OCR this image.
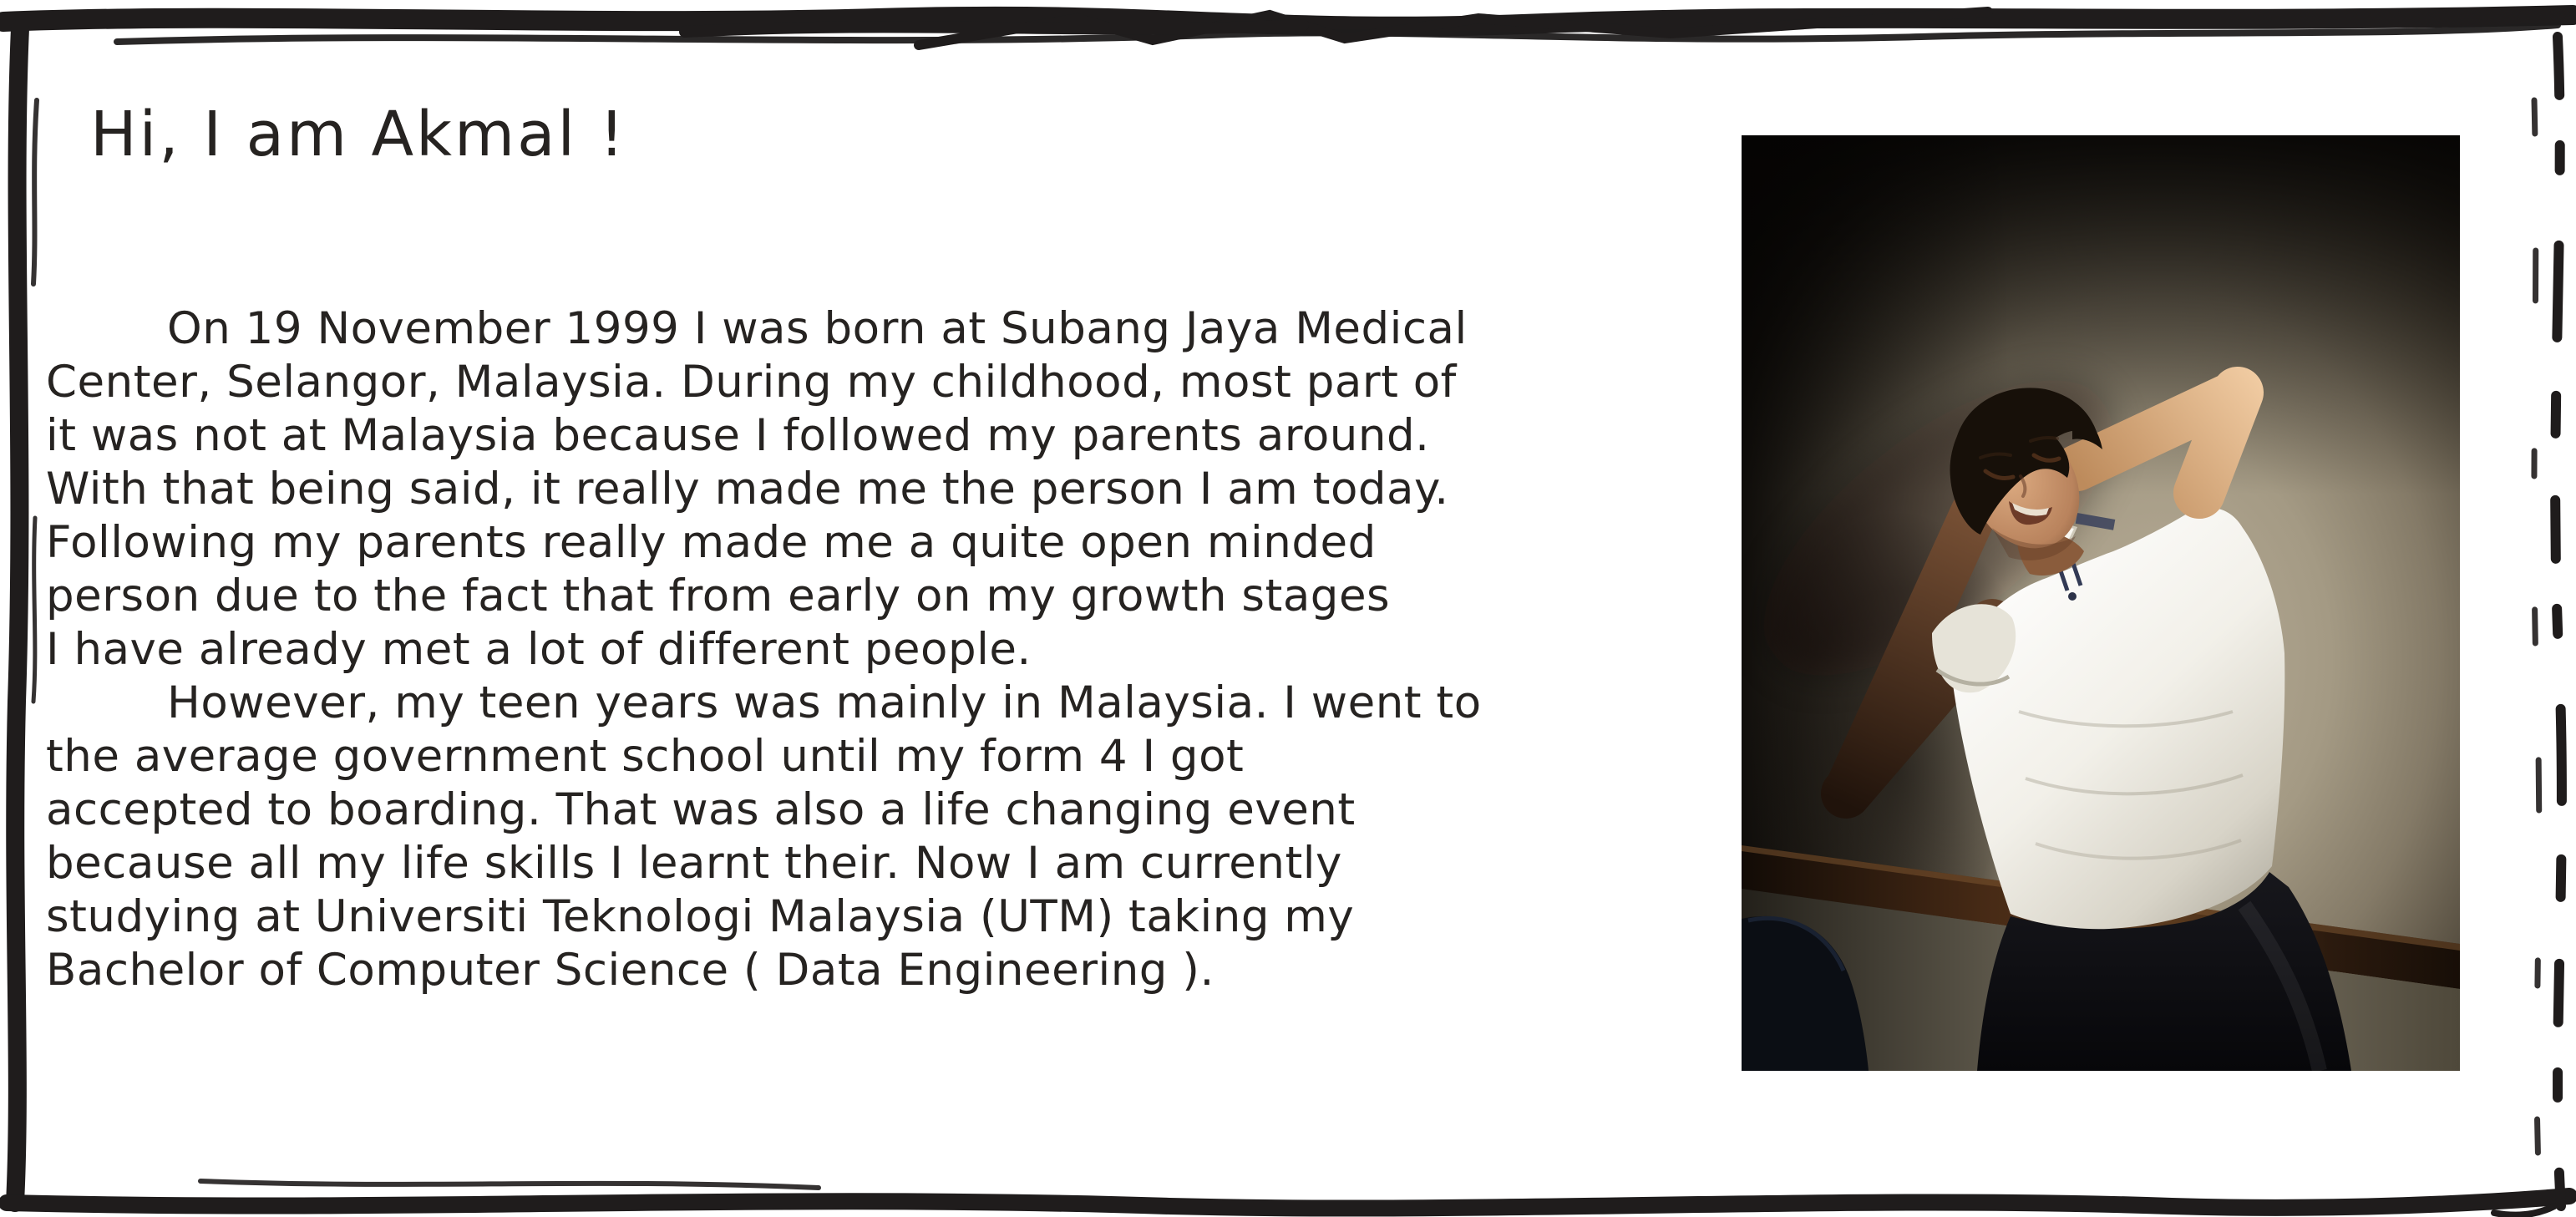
Hi, I am Akmal !
On 19 November 1999 I was born at Subang Jaya Medical
Center, Selangor, Malaysia. During my childhood, most part of
it was not at Malaysia because I followed my parents around.
With that being said, it really made me the person I am today.
Following my parents really made me a quite open minded
person due to the fact that from early on my growth stages
I have already met a lot of different people.
However, my teen years was mainly in Malaysia. I went to
the average government school until my form 4 I got
accepted to boarding. That was also a life changing event
because all my life skills I learnt their. Now I am currently
studying at Universiti Teknologi Malaysia (UTM) taking my
Bachelor of Computer Science ( Data Engineering ).
